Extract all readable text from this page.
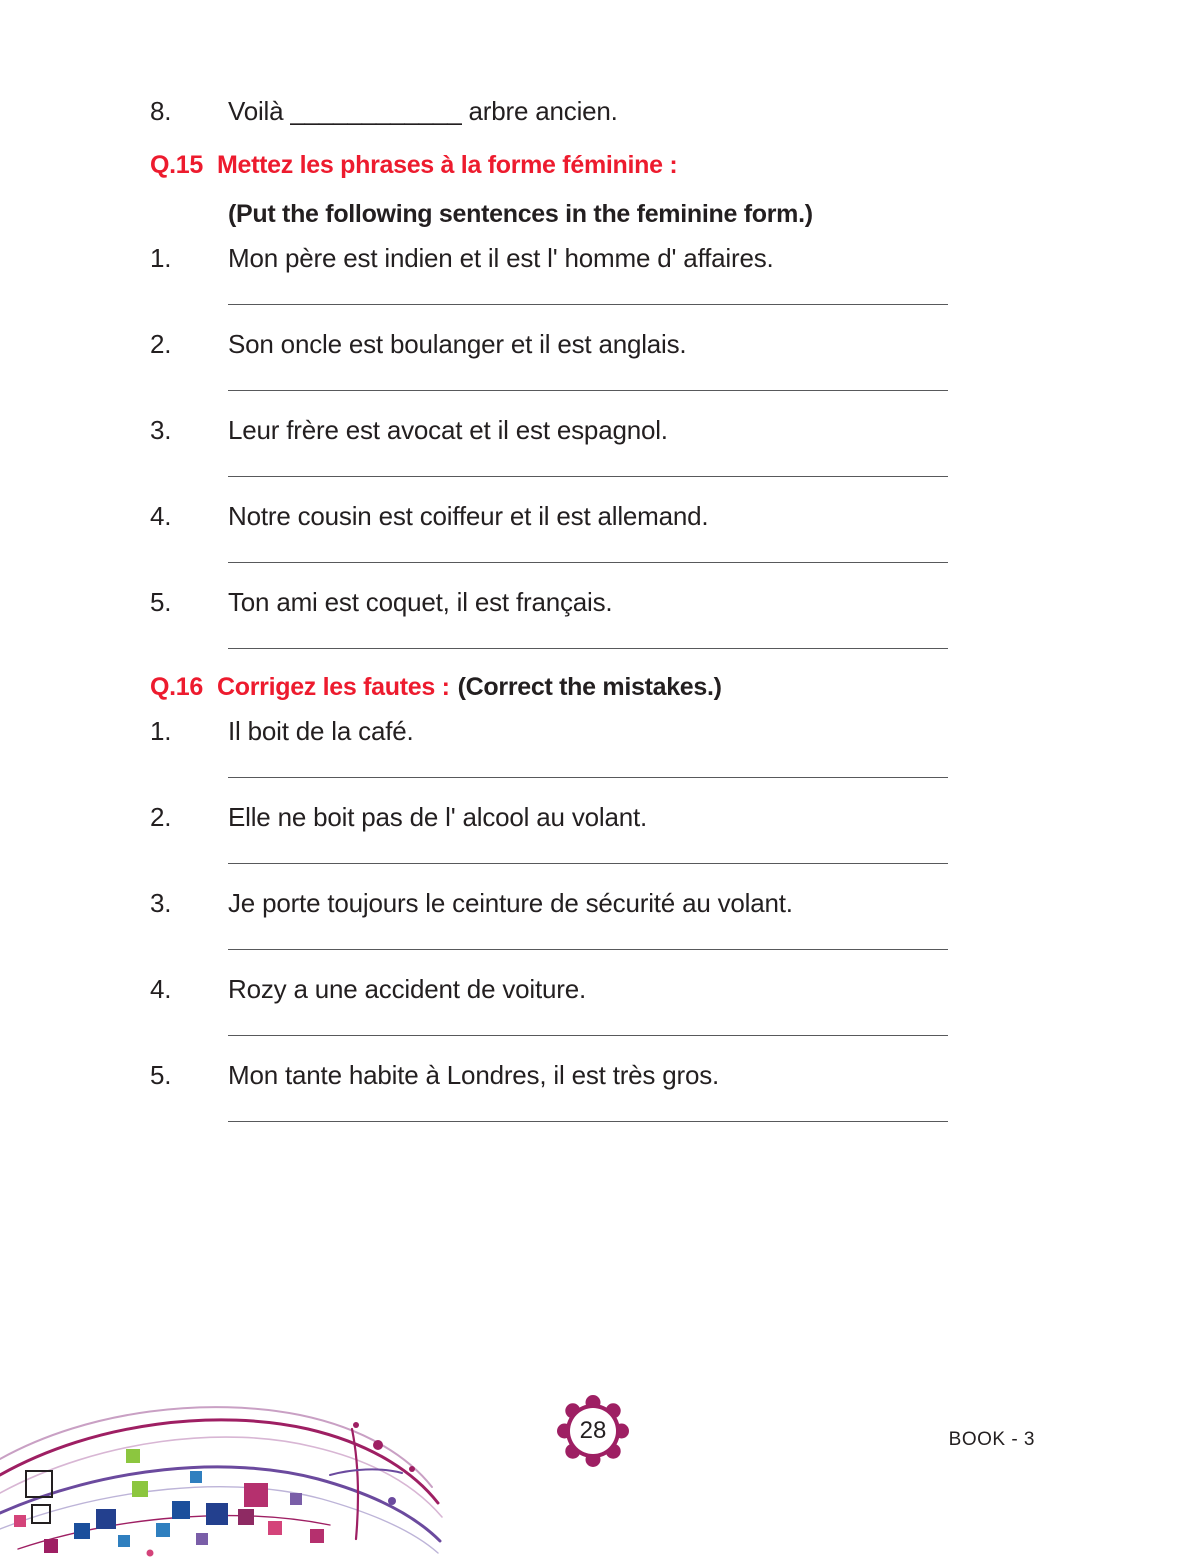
8.	Voilà ____________ arbre ancien.
Q.15 Mettez les phrases à la forme féminine :
(Put the following sentences in the feminine form.)
1.	Mon père est indien et il est l' homme d' affaires.
2.	Son oncle est boulanger et il est anglais.
3.	Leur frère est avocat et il est espagnol.
4.	Notre cousin est coiffeur et il est allemand.
5.	Ton ami est coquet, il est français.
Q.16 Corrigez les fautes : (Correct the mistakes.)
1.	Il boit de la café.
2.	Elle ne boit pas de l' alcool au volant.
3.	Je porte toujours le ceinture de sécurité au volant.
4.	Rozy a une accident de voiture.
5.	Mon tante habite à Londres, il est très gros.
28	BOOK - 3
